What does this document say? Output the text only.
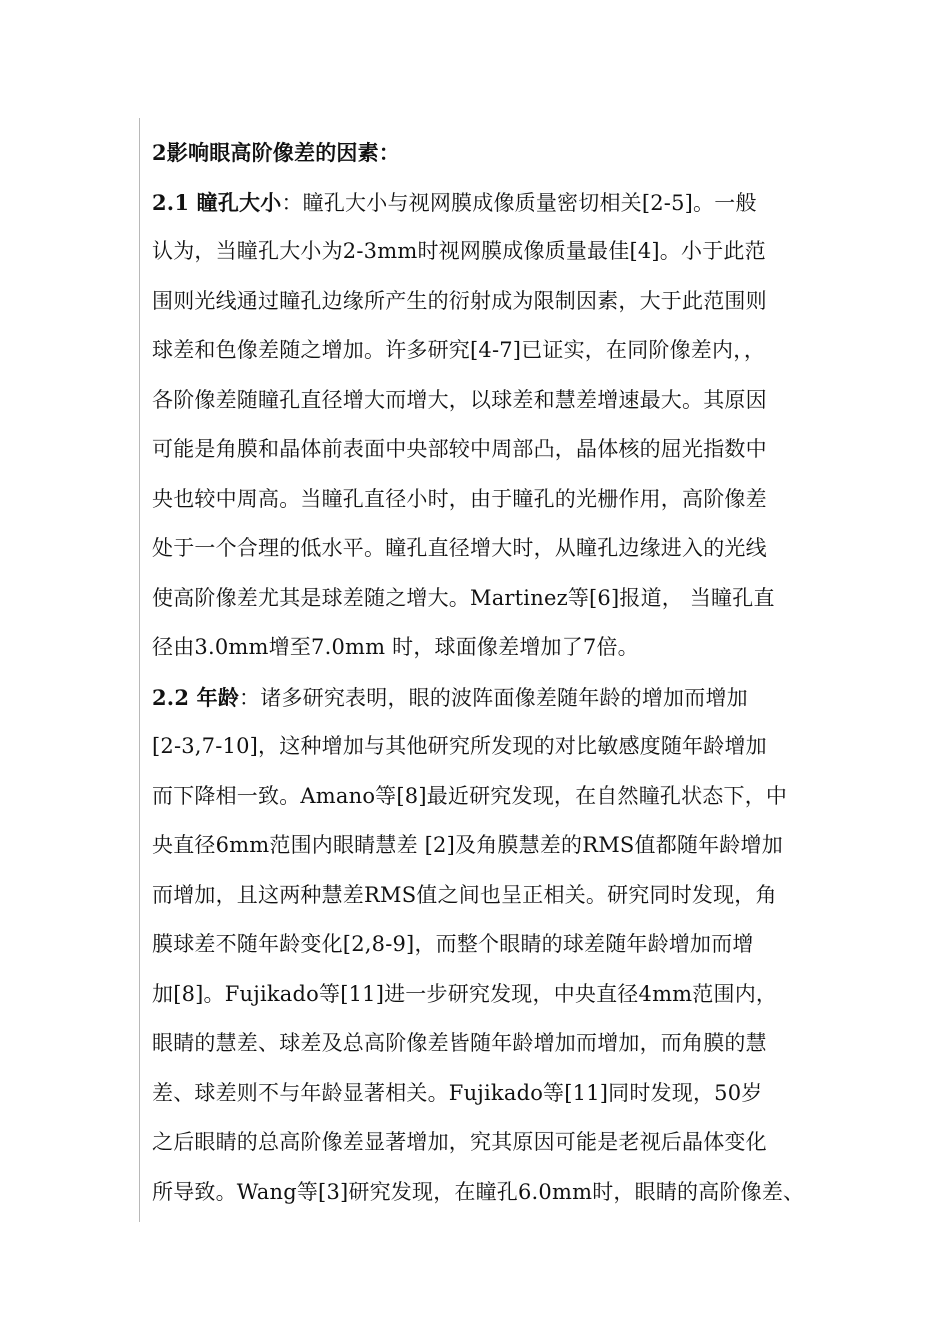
2影响眼高阶像差的因素：
2.1 瞳孔大小：瞳孔大小与视网膜成像质量密切相关[2-5]。一般
认为，当瞳孔大小为2-3mm时视网膜成像质量最佳[4]。小于此范
围则光线通过瞳孔边缘所产生的衍射成为限制因素，大于此范围则
球差和色像差随之增加。许多研究[4-7]已证实，在同阶像差内，，
各阶像差随瞳孔直径增大而增大，以球差和慧差增速最大。其原因
可能是角膜和晶体前表面中央部较中周部凸，晶体核的屈光指数中
央也较中周高。当瞳孔直径小时，由于瞳孔的光栅作用，高阶像差
处于一个合理的低水平。瞳孔直径增大时，从瞳孔边缘进入的光线
使高阶像差尤其是球差随之增大。Martinez等[6]报道， 当瞳孔直
径由3.0mm增至7.0mm 时，球面像差增加了7倍。
2.2 年龄：诸多研究表明，眼的波阵面像差随年龄的增加而增加
[2-3,7-10]，这种增加与其他研究所发现的对比敏感度随年龄增加
而下降相一致。Amano等[8]最近研究发现，在自然瞳孔状态下，中
央直径6mm范围内眼睛慧差 [2]及角膜慧差的RMS值都随年龄增加
而增加，且这两种慧差RMS值之间也呈正相关。研究同时发现，角
膜球差不随年龄变化[2,8-9]，而整个眼睛的球差随年龄增加而增
加[8]。Fujikado等[11]进一步研究发现，中央直径4mm范围内，
眼睛的慧差、球差及总高阶像差皆随年龄增加而增加，而角膜的慧
差、球差则不与年龄显著相关。Fujikado等[11]同时发现，50岁
之后眼睛的总高阶像差显著增加，究其原因可能是老视后晶体变化
所导致。Wang等[3]研究发现，在瞳孔6.0mm时，眼睛的高阶像差、
